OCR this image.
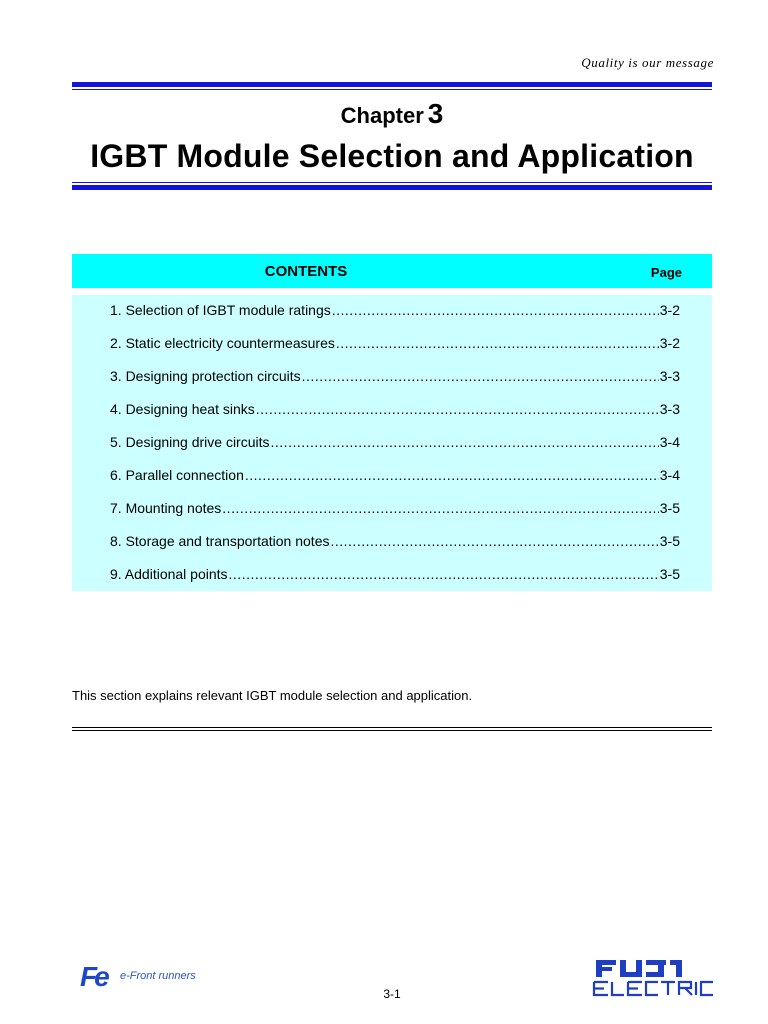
Quality is our message
Chapter 3
IGBT Module Selection and Application
CONTENTS	Page
1. Selection of IGBT module ratings .....	3-2
2. Static electricity countermeasures .....	3-2
3. Designing protection circuits .....	3-3
4. Designing heat sinks .....	3-3
5. Designing drive circuits .....	3-4
6. Parallel connection .....	3-4
7. Mounting notes .....	3-5
8. Storage and transportation notes .....	3-5
9. Additional points .....	3-5
This section explains relevant IGBT module selection and application.
Fe e-Front runners
3-1
